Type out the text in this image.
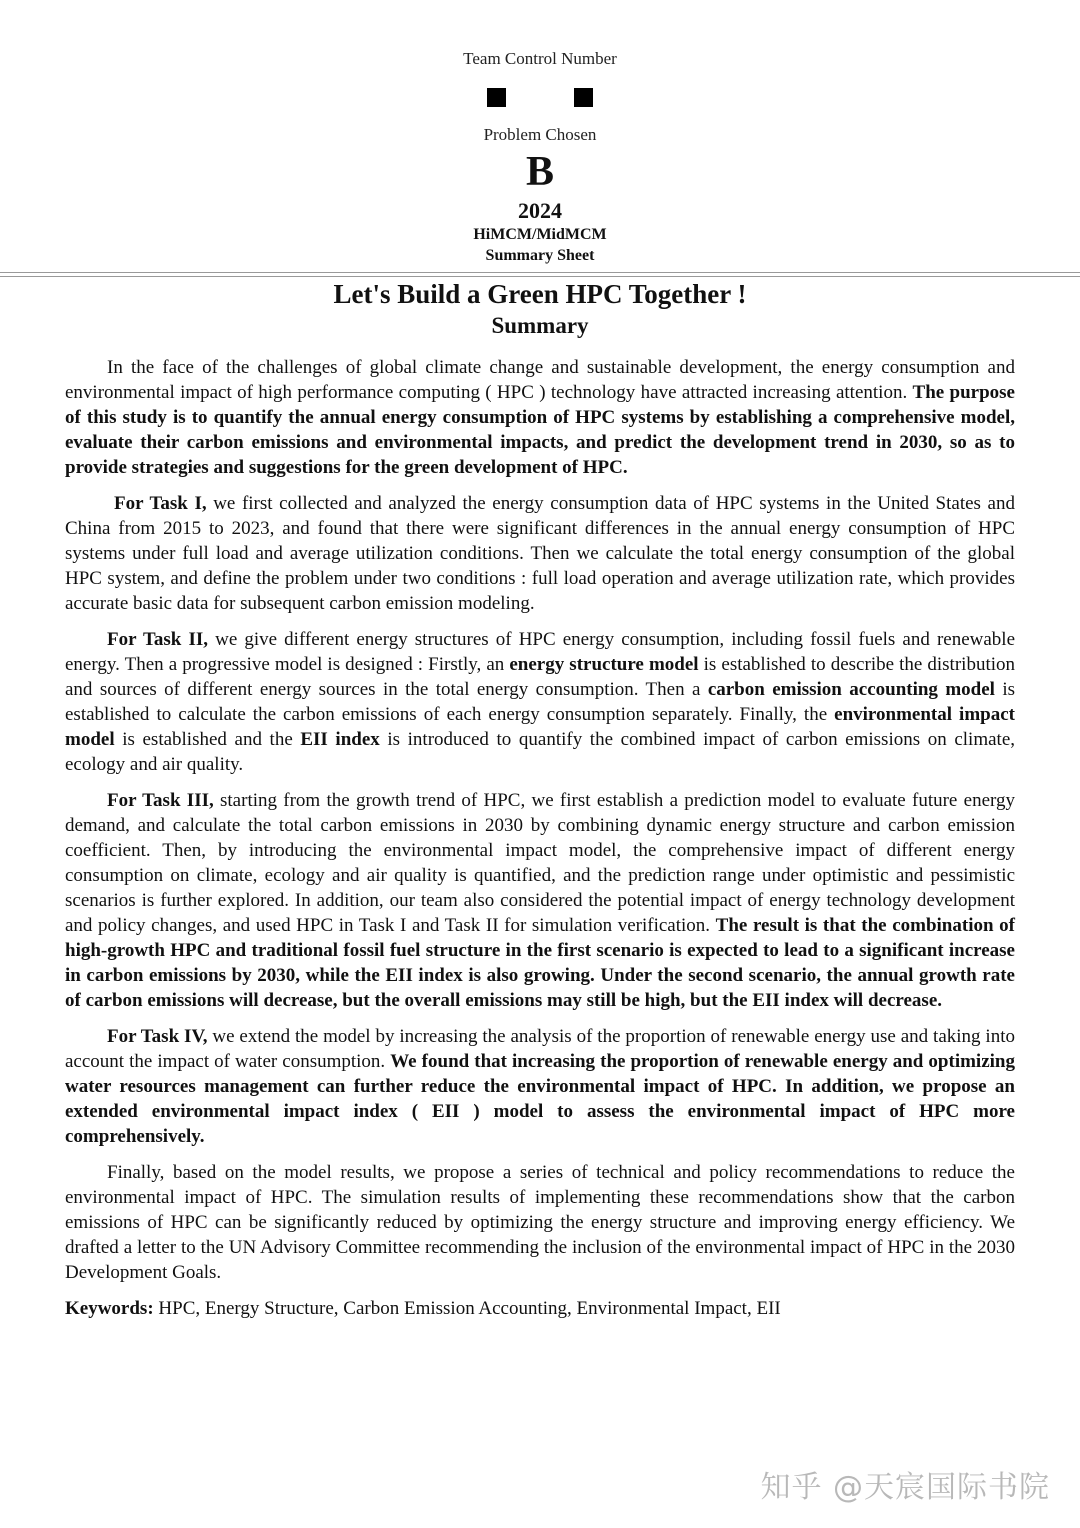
Team Control Number
Problem Chosen
B
2024
HiMCM/MidMCM
Summary Sheet
Let's Build a Green HPC Together !
Summary

In the face of the challenges of global climate change and sustainable development, the energy consumption and environmental impact of high performance computing ( HPC ) technology have attracted increasing attention. The purpose of this study is to quantify the annual energy consumption of HPC systems by establishing a comprehensive model, evaluate their carbon emissions and environmental impacts, and predict the development trend in 2030, so as to provide strategies and suggestions for the green development of HPC.

For Task I, we first collected and analyzed the energy consumption data of HPC systems in the United States and China from 2015 to 2023, and found that there were significant differences in the annual energy consumption of HPC systems under full load and average utilization conditions. Then we calculate the total energy consumption of the global HPC system, and define the problem under two conditions : full load operation and average utilization rate, which provides accurate basic data for subsequent carbon emission modeling.

For Task II, we give different energy structures of HPC energy consumption, including fossil fuels and renewable energy. Then a progressive model is designed : Firstly, an energy structure model is established to describe the distribution and sources of different energy sources in the total energy consumption. Then a carbon emission accounting model is established to calculate the carbon emissions of each energy consumption separately. Finally, the environmental impact model is established and the EII index is introduced to quantify the combined impact of carbon emissions on climate, ecology and air quality.

For Task III, starting from the growth trend of HPC, we first establish a prediction model to evaluate future energy demand, and calculate the total carbon emissions in 2030 by combining dynamic energy structure and carbon emission coefficient. Then, by introducing the environmental impact model, the comprehensive impact of different energy consumption on climate, ecology and air quality is quantified, and the prediction range under optimistic and pessimistic scenarios is further explored. In addition, our team also considered the potential impact of energy technology development and policy changes, and used HPC in Task I and Task II for simulation verification. The result is that the combination of high-growth HPC and traditional fossil fuel structure in the first scenario is expected to lead to a significant increase in carbon emissions by 2030, while the EII index is also growing. Under the second scenario, the annual growth rate of carbon emissions will decrease, but the overall emissions may still be high, but the EII index will decrease.

For Task IV, we extend the model by increasing the analysis of the proportion of renewable energy use and taking into account the impact of water consumption. We found that increasing the proportion of renewable energy and optimizing water resources management can further reduce the environmental impact of HPC. In addition, we propose an extended environmental impact index ( EII ) model to assess the environmental impact of HPC more comprehensively.

Finally, based on the model results, we propose a series of technical and policy recommendations to reduce the environmental impact of HPC. The simulation results of implementing these recommendations show that the carbon emissions of HPC can be significantly reduced by optimizing the energy structure and improving energy efficiency. We drafted a letter to the UN Advisory Committee recommending the inclusion of the environmental impact of HPC in the 2030 Development Goals.

Keywords: HPC, Energy Structure, Carbon Emission Accounting, Environmental Impact, EII

知乎 @天宸国际书院
